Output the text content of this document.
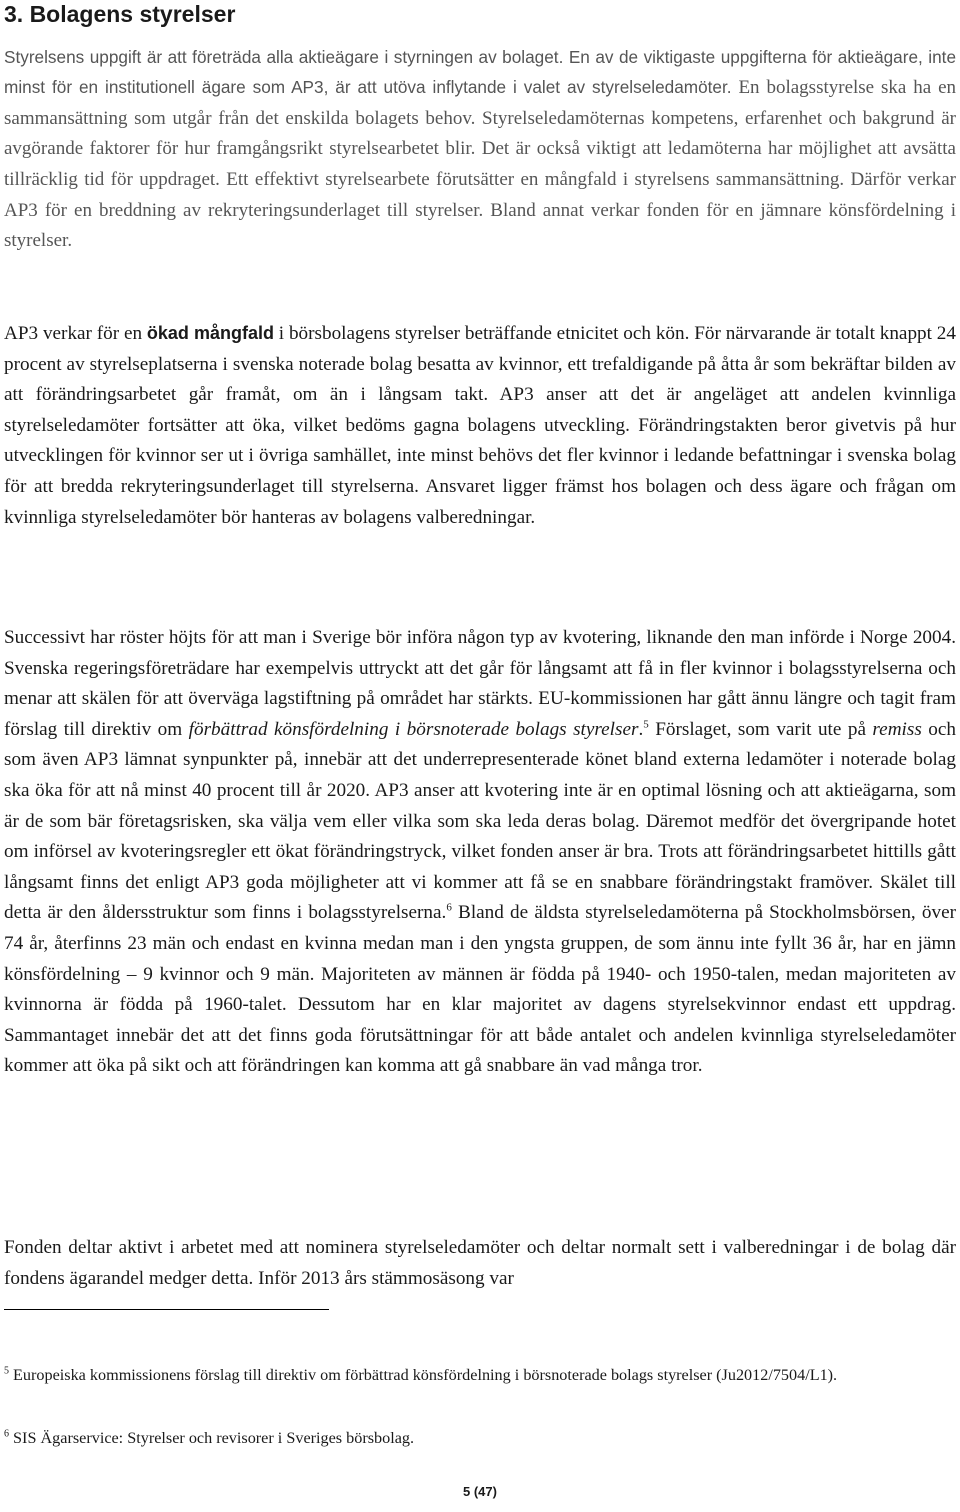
3. Bolagens styrelser

Styrelsens uppgift är att företräda alla aktieägare i styrningen av bolaget. En av de viktigaste uppgifterna för aktieägare, inte minst för en institutionell ägare som AP3, är att utöva inflytande i valet av styrelseledamöter. En bolagsstyrelse ska ha en sammansättning som utgår från det enskilda bolagets behov. Styrelseledamöternas kompetens, erfarenhet och bakgrund är avgörande faktorer för hur framgångsrikt styrelsearbetet blir. Det är också viktigt att ledamöterna har möjlighet att avsätta tillräcklig tid för uppdraget. Ett effektivt styrelsearbete förutsätter en mångfald i styrelsens sammansättning. Därför verkar AP3 för en breddning av rekryteringsunderlaget till styrelser. Bland annat verkar fonden för en jämnare könsfördelning i styrelser.

AP3 verkar för en ökad mångfald i börsbolagens styrelser beträffande etnicitet och kön. För närvarande är totalt knappt 24 procent av styrelseplatserna i svenska noterade bolag besatta av kvinnor, ett trefaldigande på åtta år som bekräftar bilden av att förändringsarbetet går framåt, om än i långsam takt. AP3 anser att det är angeläget att andelen kvinnliga styrelseledamöter fortsätter att öka, vilket bedöms gagna bolagens utveckling. Förändringstakten beror givetvis på hur utvecklingen för kvinnor ser ut i övriga samhället, inte minst behövs det fler kvinnor i ledande befattningar i svenska bolag för att bredda rekryteringsunderlaget till styrelserna. Ansvaret ligger främst hos bolagen och dess ägare och frågan om kvinnliga styrelseledamöter bör hanteras av bolagens valberedningar.

Successivt har röster höjts för att man i Sverige bör införa någon typ av kvotering, liknande den man införde i Norge 2004. Svenska regeringsföreträdare har exempelvis uttryckt att det går för långsamt att få in fler kvinnor i bolagsstyrelserna och menar att skälen för att överväga lagstiftning på området har stärkts. EU-kommissionen har gått ännu längre och tagit fram förslag till direktiv om förbättrad könsfördelning i börsnoterade bolags styrelser.$^5$ Förslaget, som varit ute på remiss och som även AP3 lämnat synpunkter på, innebär att det underrepresenterade könet bland externa ledamöter i noterade bolag ska öka för att nå minst 40 procent till år 2020. AP3 anser att kvotering inte är en optimal lösning och att aktieägarna, som är de som bär företagsrisken, ska välja vem eller vilka som ska leda deras bolag. Däremot medför det övergripande hotet om införsel av kvoteringsregler ett ökat förändringstryck, vilket fonden anser är bra. Trots att förändringsarbetet hittills gått långsamt finns det enligt AP3 goda möjligheter att vi kommer att få se en snabbare förändringstakt framöver. Skälet till detta är den åldersstruktur som finns i bolagsstyrelserna.$^6$ Bland de äldsta styrelseledamöterna på Stockholmsbörsen, över 74 år, återfinns 23 män och endast en kvinna medan man i den yngsta gruppen, de som ännu inte fyllt 36 år, har en jämn könsfördelning – 9 kvinnor och 9 män. Majoriteten av männen är födda på 1940- och 1950-talen, medan majoriteten av kvinnorna är födda på 1960-talet. Dessutom har en klar majoritet av dagens styrelsekvinnor endast ett uppdrag. Sammantaget innebär det att det finns goda förutsättningar för att både antalet och andelen kvinnliga styrelseledamöter kommer att öka på sikt och att förändringen kan komma att gå snabbare än vad många tror.

Fonden deltar aktivt i arbetet med att nominera styrelseledamöter och deltar normalt sett i valberedningar i de bolag där fondens ägarandel medger detta. Inför 2013 års stämmosäsong var

$^5$ Europeiska kommissionens förslag till direktiv om förbättrad könsfördelning i börsnoterade bolags styrelser (Ju2012/7504/L1).

$^6$ SIS Ägarservice: Styrelser och revisorer i Sveriges börsbolag.

5 (47)
